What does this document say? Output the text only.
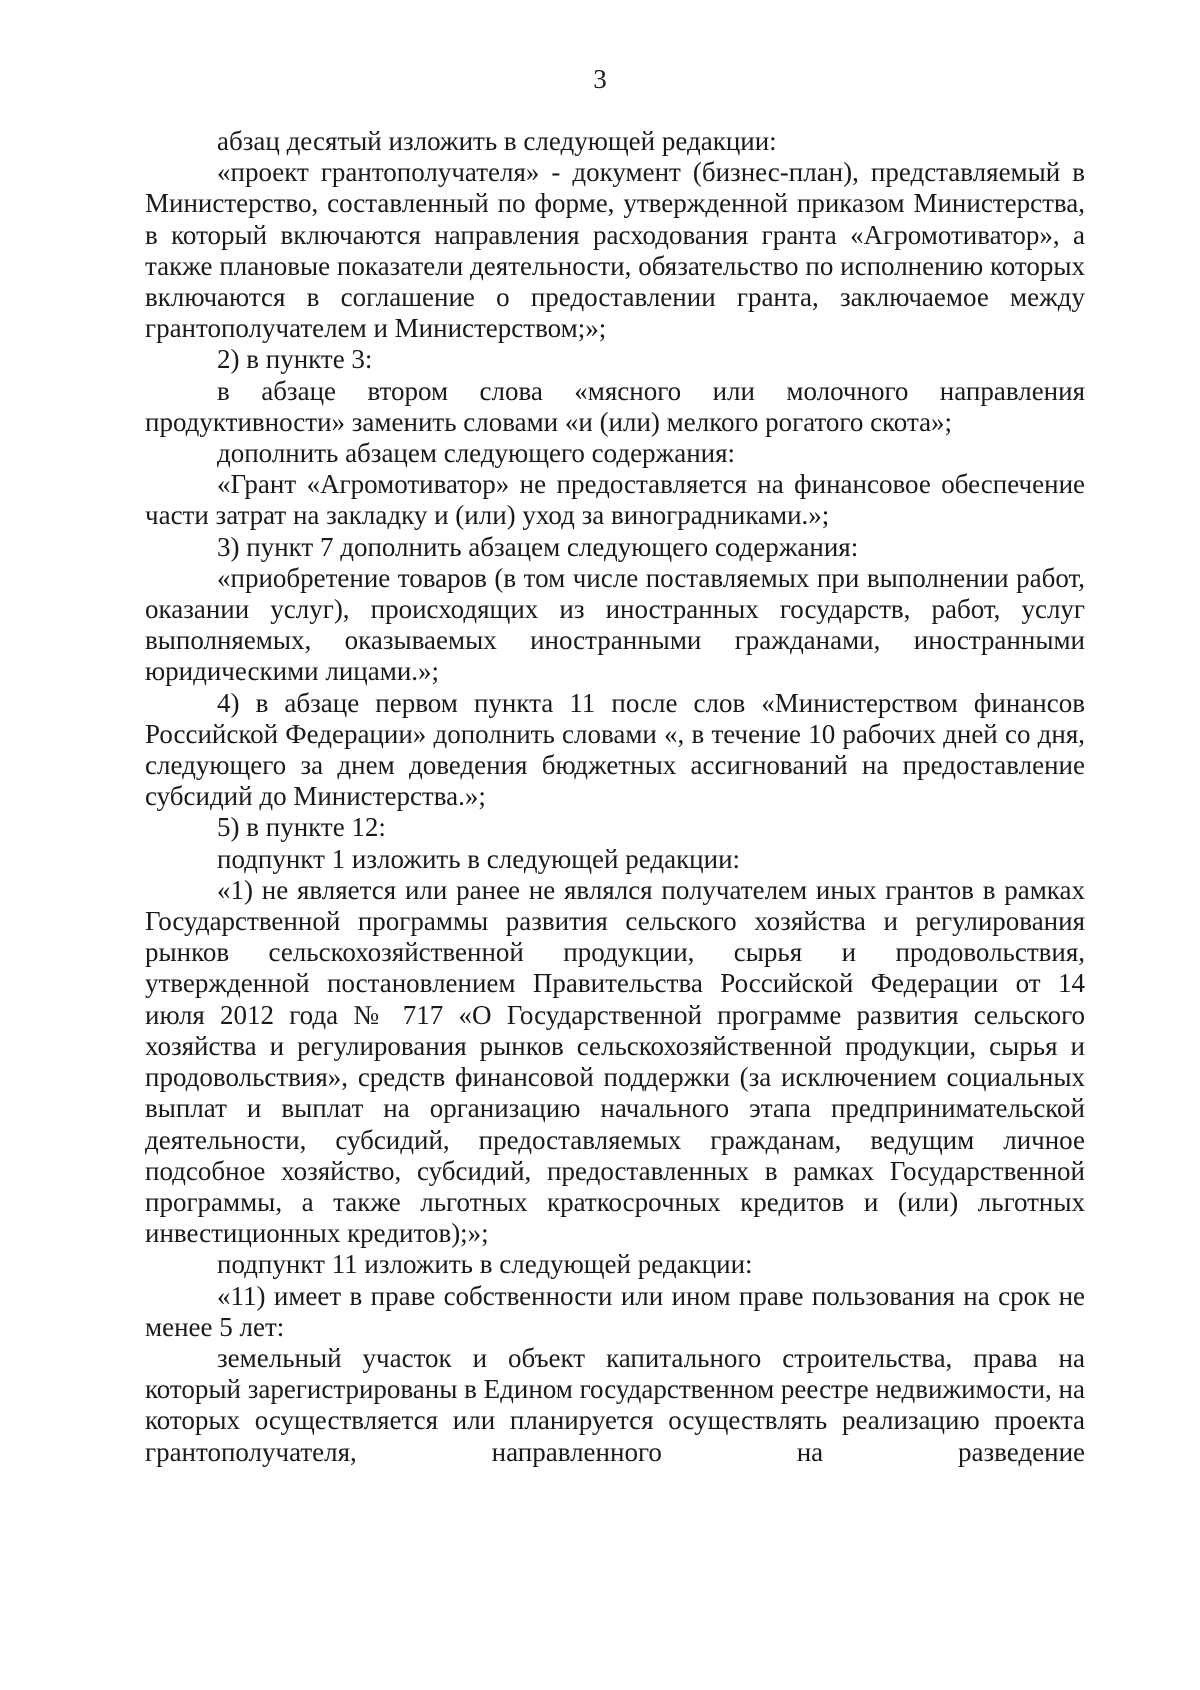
3

абзац десятый изложить в следующей редакции:

«проект грантополучателя» - документ (бизнес-план), представляемый в Министерство, составленный по форме, утвержденной приказом Министерства, в который включаются направления расходования гранта «Агромотиватор», а также плановые показатели деятельности, обязательство по исполнению которых включаются в соглашение о предоставлении гранта, заключаемое между грантополучателем и Министерством;»;

2) в пункте 3:

в абзаце втором слова «мясного или молочного направления продуктивности» заменить словами «и (или) мелкого рогатого скота»;

дополнить абзацем следующего содержания:

«Грант «Агромотиватор» не предоставляется на финансовое обеспечение части затрат на закладку и (или) уход за виноградниками.»;

3) пункт 7 дополнить абзацем следующего содержания:

«приобретение товаров (в том числе поставляемых при выполнении работ, оказании услуг), происходящих из иностранных государств, работ, услуг выполняемых, оказываемых иностранными гражданами, иностранными юридическими лицами.»;

4) в абзаце первом пункта 11 после слов «Министерством финансов Российской Федерации» дополнить словами «, в течение 10 рабочих дней со дня, следующего за днем доведения бюджетных ассигнований на предоставление субсидий до Министерства.»;

5) в пункте 12:

подпункт 1 изложить в следующей редакции:

«1) не является или ранее не являлся получателем иных грантов в рамках Государственной программы развития сельского хозяйства и регулирования рынков сельскохозяйственной продукции, сырья и продовольствия, утвержденной постановлением Правительства Российской Федерации от 14 июля 2012 года № 717 «О Государственной программе развития сельского хозяйства и регулирования рынков сельскохозяйственной продукции, сырья и продовольствия», средств финансовой поддержки (за исключением социальных выплат и выплат на организацию начального этапа предпринимательской деятельности, субсидий, предоставляемых гражданам, ведущим личное подсобное хозяйство, субсидий, предоставленных в рамках Государственной программы, а также льготных краткосрочных кредитов и (или) льготных инвестиционных кредитов);»;

подпункт 11 изложить в следующей редакции:

«11) имеет в праве собственности или ином праве пользования на срок не менее 5 лет:

земельный участок и объект капитального строительства, права на который зарегистрированы в Едином государственном реестре недвижимости, на которых осуществляется или планируется осуществлять реализацию проекта грантополучателя, направленного на разведение
